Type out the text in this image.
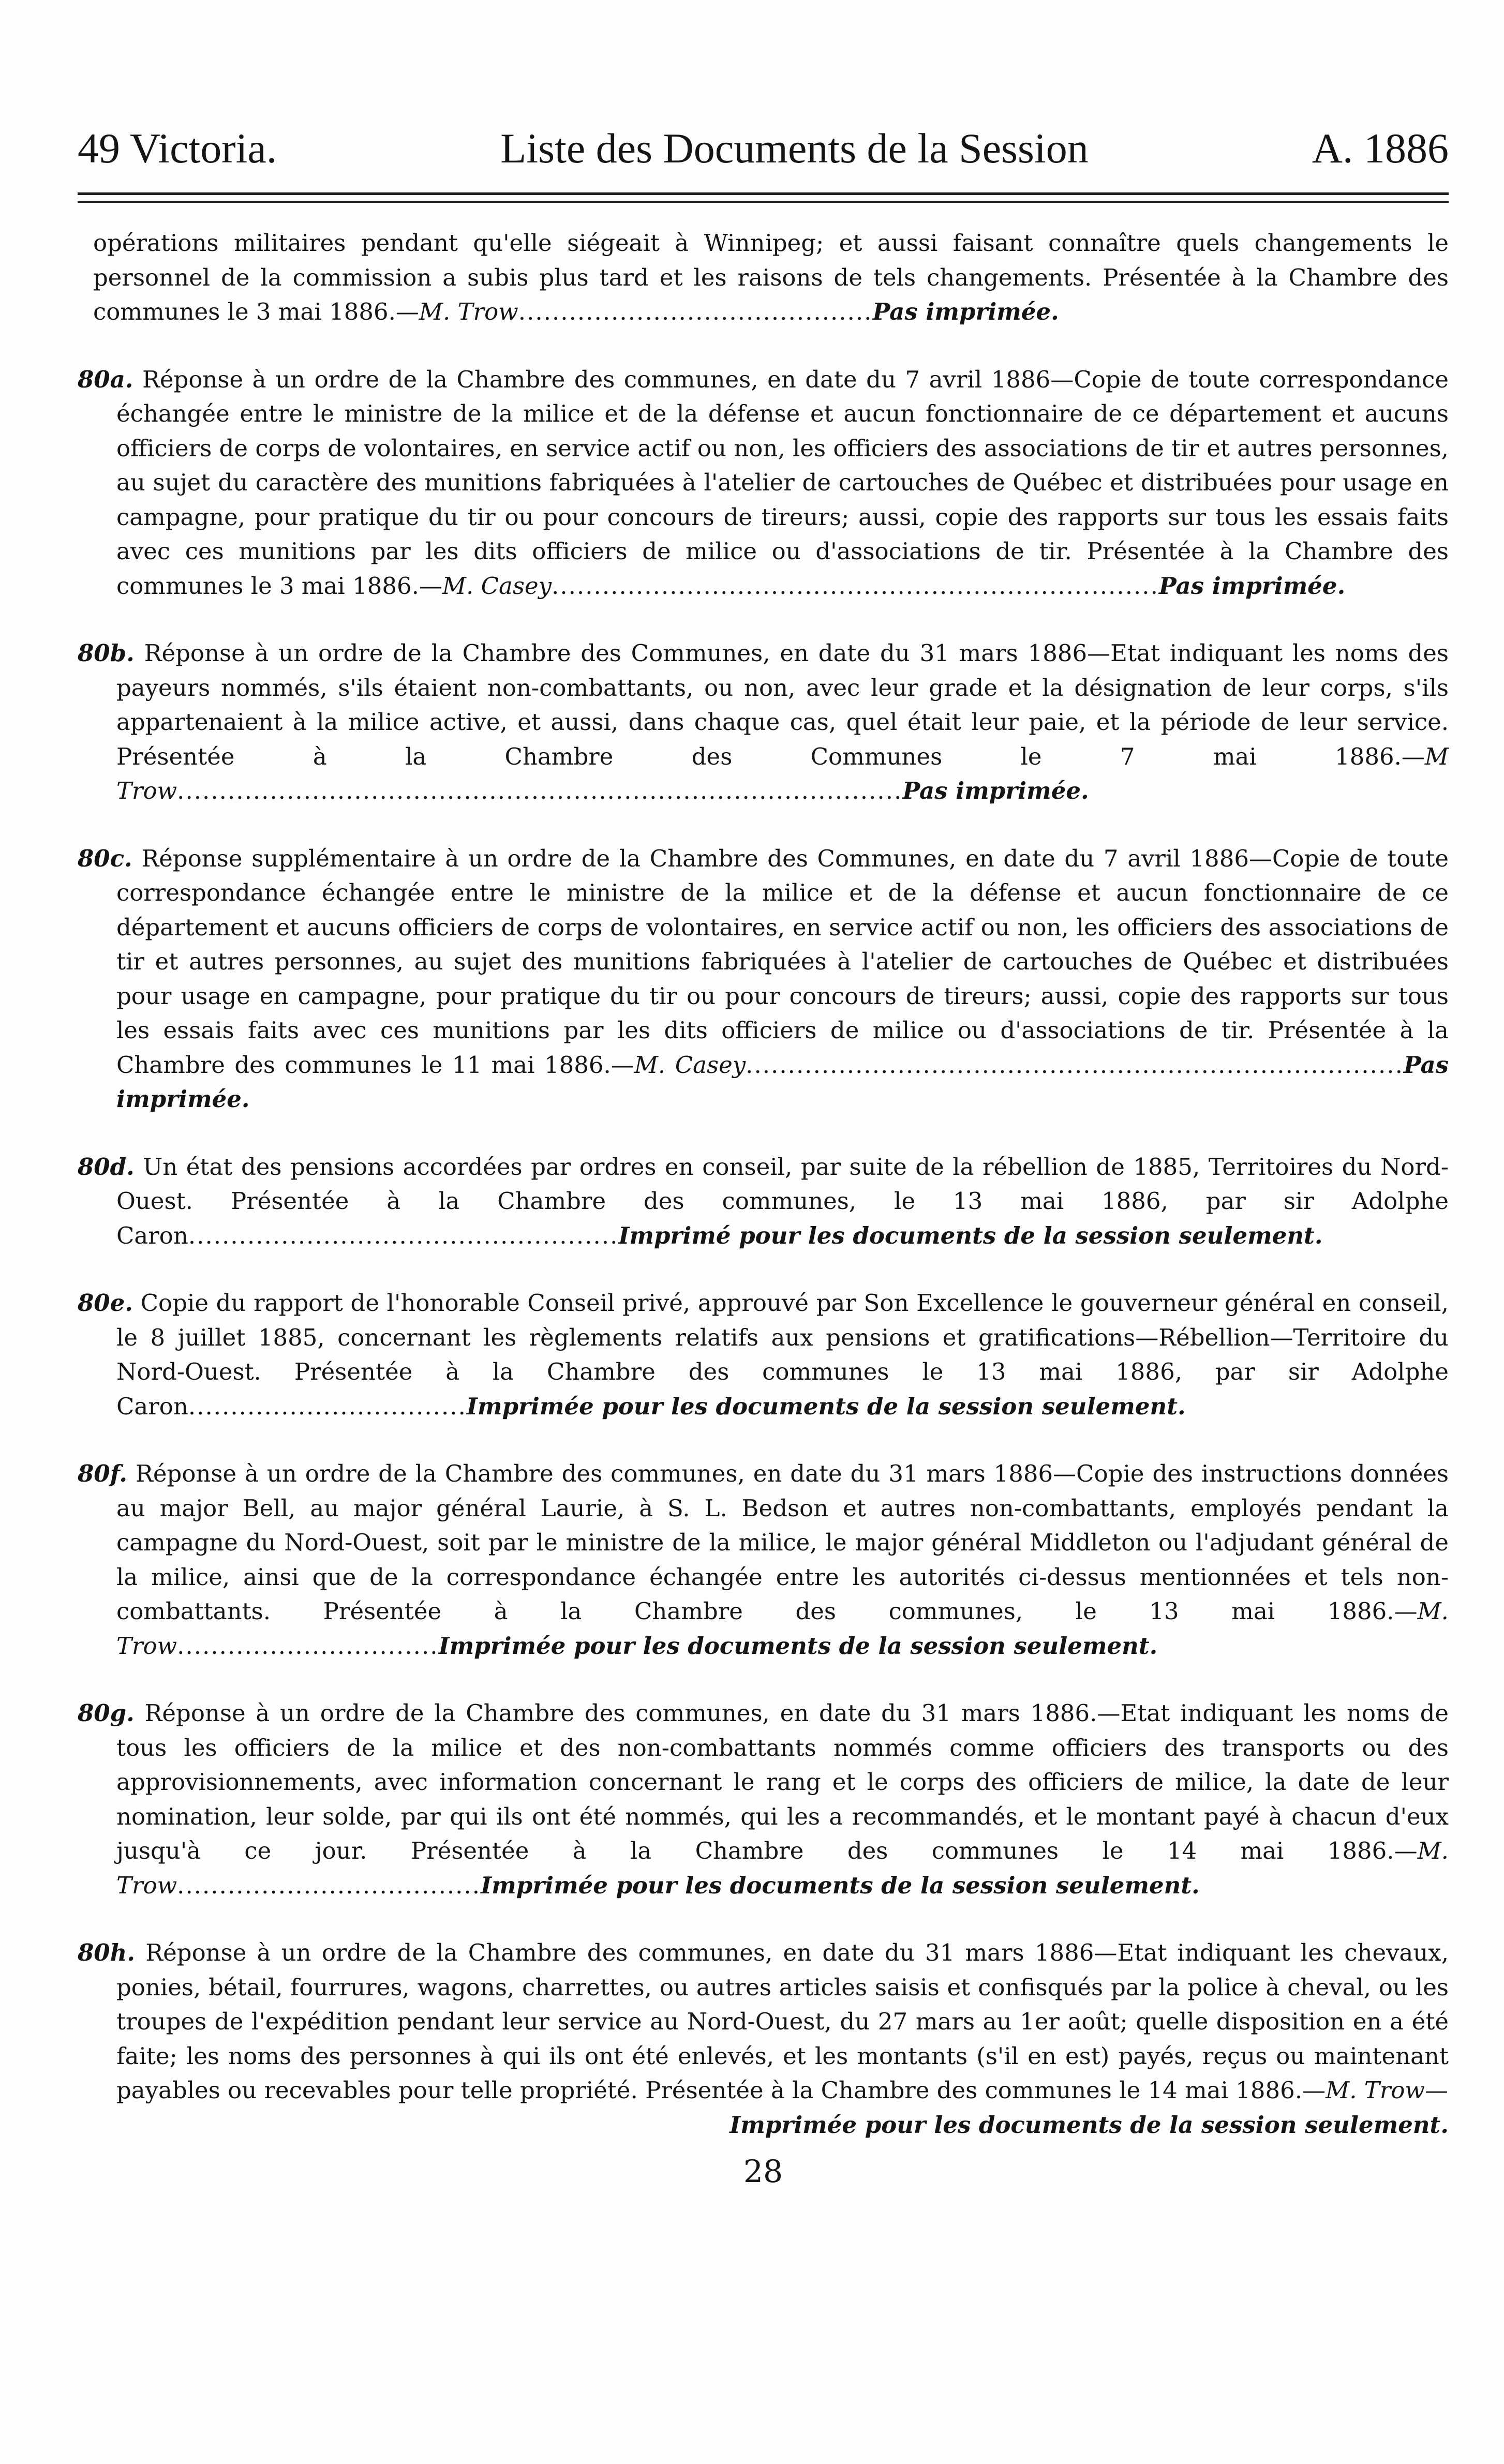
49 Victoria.	Liste des Documents de la Session	A. 1886

opérations militaires pendant qu'elle siégeait à Winnipeg; et aussi faisant connaître quels changements le personnel de la commission a subis plus tard et les raisons de tels changements. Présentée à la Chambre des communes le 3 mai 1886.—M. Trow..........................................Pas imprimée.

80a. Réponse à un ordre de la Chambre des communes, en date du 7 avril 1886—Copie de toute correspondance échangée entre le ministre de la milice et de la défense et aucun fonctionnaire de ce département et aucuns officiers de corps de volontaires, en service actif ou non, les officiers des associations de tir et autres personnes, au sujet du caractère des munitions fabriquées à l'atelier de cartouches de Québec et distribuées pour usage en campagne, pour pratique du tir ou pour concours de tireurs; aussi, copie des rapports sur tous les essais faits avec ces munitions par les dits officiers de milice ou d'associations de tir. Présentée à la Chambre des communes le 3 mai 1886.—M. Casey........................................................................Pas imprimée.

80b. Réponse à un ordre de la Chambre des Communes, en date du 31 mars 1886—Etat indiquant les noms des payeurs nommés, s'ils étaient non-combattants, ou non, avec leur grade et la désignation de leur corps, s'ils appartenaient à la milice active, et aussi, dans chaque cas, quel était leur paie, et la période de leur service. Présentée à la Chambre des Communes le 7 mai 1886.—M Trow......................................................................................Pas imprimée.

80c. Réponse supplémentaire à un ordre de la Chambre des Communes, en date du 7 avril 1886—Copie de toute correspondance échangée entre le ministre de la milice et de la défense et aucun fonctionnaire de ce département et aucuns officiers de corps de volontaires, en service actif ou non, les officiers des associations de tir et autres personnes, au sujet des munitions fabriquées à l'atelier de cartouches de Québec et distribuées pour usage en campagne, pour pratique du tir ou pour concours de tireurs; aussi, copie des rapports sur tous les essais faits avec ces munitions par les dits officiers de milice ou d'associations de tir. Présentée à la Chambre des communes le 11 mai 1886.—M. Casey..............................................................................Pas imprimée.

80d. Un état des pensions accordées par ordres en conseil, par suite de la rébellion de 1885, Territoires du Nord-Ouest. Présentée à la Chambre des communes, le 13 mai 1886, par sir Adolphe Caron...................................................Imprimé pour les documents de la session seulement.

80e. Copie du rapport de l'honorable Conseil privé, approuvé par Son Excellence le gouverneur général en conseil, le 8 juillet 1885, concernant les règlements relatifs aux pensions et gratifications—Rébellion—Territoire du Nord-Ouest. Présentée à la Chambre des communes le 13 mai 1886, par sir Adolphe Caron.................................Imprimée pour les documents de la session seulement.

80f. Réponse à un ordre de la Chambre des communes, en date du 31 mars 1886—Copie des instructions données au major Bell, au major général Laurie, à S. L. Bedson et autres non-combattants, employés pendant la campagne du Nord-Ouest, soit par le ministre de la milice, le major général Middleton ou l'adjudant général de la milice, ainsi que de la correspondance échangée entre les autorités ci-dessus mentionnées et tels non-combattants. Présentée à la Chambre des communes, le 13 mai 1886.—M. Trow...............................Imprimée pour les documents de la session seulement.

80g. Réponse à un ordre de la Chambre des communes, en date du 31 mars 1886.—Etat indiquant les noms de tous les officiers de la milice et des non-combattants nommés comme officiers des transports ou des approvisionnements, avec information concernant le rang et le corps des officiers de milice, la date de leur nomination, leur solde, par qui ils ont été nommés, qui les a recommandés, et le montant payé à chacun d'eux jusqu'à ce jour. Présentée à la Chambre des communes le 14 mai 1886.—M. Trow....................................Imprimée pour les documents de la session seulement.

80h. Réponse à un ordre de la Chambre des communes, en date du 31 mars 1886—Etat indiquant les chevaux, ponies, bétail, fourrures, wagons, charrettes, ou autres articles saisis et confisqués par la police à cheval, ou les troupes de l'expédition pendant leur service au Nord-Ouest, du 27 mars au 1er août; quelle disposition en a été faite; les noms des personnes à qui ils ont été enlevés, et les montants (s'il en est) payés, reçus ou maintenant payables ou recevables pour telle propriété. Présentée à la Chambre des communes le 14 mai 1886.—M. Trow—

Imprimée pour les documents de la session seulement.
28
